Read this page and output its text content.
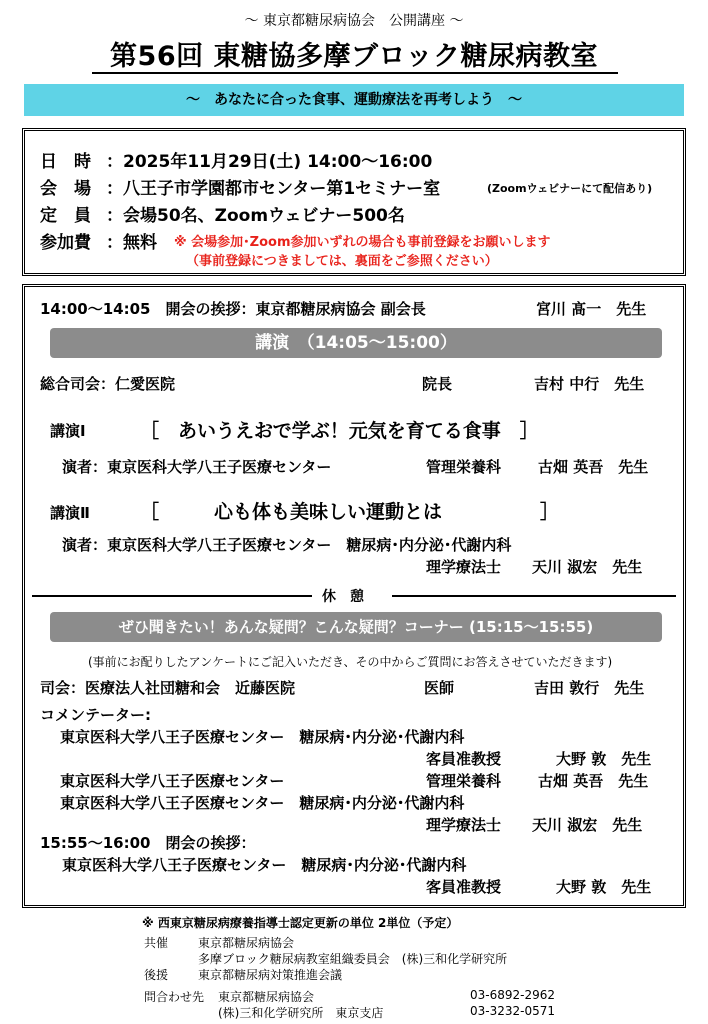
～ 東京都糖尿病協会　公開講座 ～
第56回 東糖協多摩ブロック糖尿病教室
～　あなたに合った食事、運動療法を再考しよう　～
日　時 ：2025年11月29日(土) 14:00～16:00
会　場 ：八王子市学園都市センター第1セミナー室	(Zoomウェビナーにて配信あり)
定　員 ：会場50名、Zoomウェビナー500名
参加費 ：無料 ※ 会場参加･Zoom参加いずれの場合も事前登録をお願いします
（事前登録につきましては、裏面をご参照ください）
14:00～14:05　開会の挨拶：東京都糖尿病協会 副会長	宮川 髙一　先生
講演　（14:05～15:00）
総合司会：仁愛医院	院長	吉村 中行　先生
講演Ⅰ	［　あいうえおで学ぶ！元気を育てる食事　］
演者：東京医科大学八王子医療センター	管理栄養科 古畑 英吾　先生
講演Ⅱ	［	心も体も美味しい運動とは	］
演者：東京医科大学八王子医療センター　糖尿病･内分泌･代謝内科
理学療法士 天川 淑宏　先生
休　憩
ぜひ聞きたい！あんな疑問？こんな疑問？コーナー (15:15～15:55)
(事前にお配りしたアンケートにご記入いただき、その中からご質問にお答えさせていただきます)
司会：医療法人社団糖和会　近藤医院	医師	吉田 敦行　先生
コメンテーター:
東京医科大学八王子医療センター　糖尿病･内分泌･代謝内科
客員准教授	大野 敦　先生
東京医科大学八王子医療センター	管理栄養科 古畑 英吾　先生
東京医科大学八王子医療センター　糖尿病･内分泌･代謝内科
理学療法士 天川 淑宏　先生
15:55～16:00　閉会の挨拶：
東京医科大学八王子医療センター　糖尿病･内分泌･代謝内科
客員准教授	大野 敦　先生
※ 西東京糖尿病療養指導士認定更新の単位 2単位（予定）
共催 東京都糖尿病協会
多摩ブロック糖尿病教室組織委員会　(株)三和化学研究所
後援 東京都糖尿病対策推進会議
問合わせ先 東京都糖尿病協会	03-6892-2962
(株)三和化学研究所　東京支店	03-3232-0571
